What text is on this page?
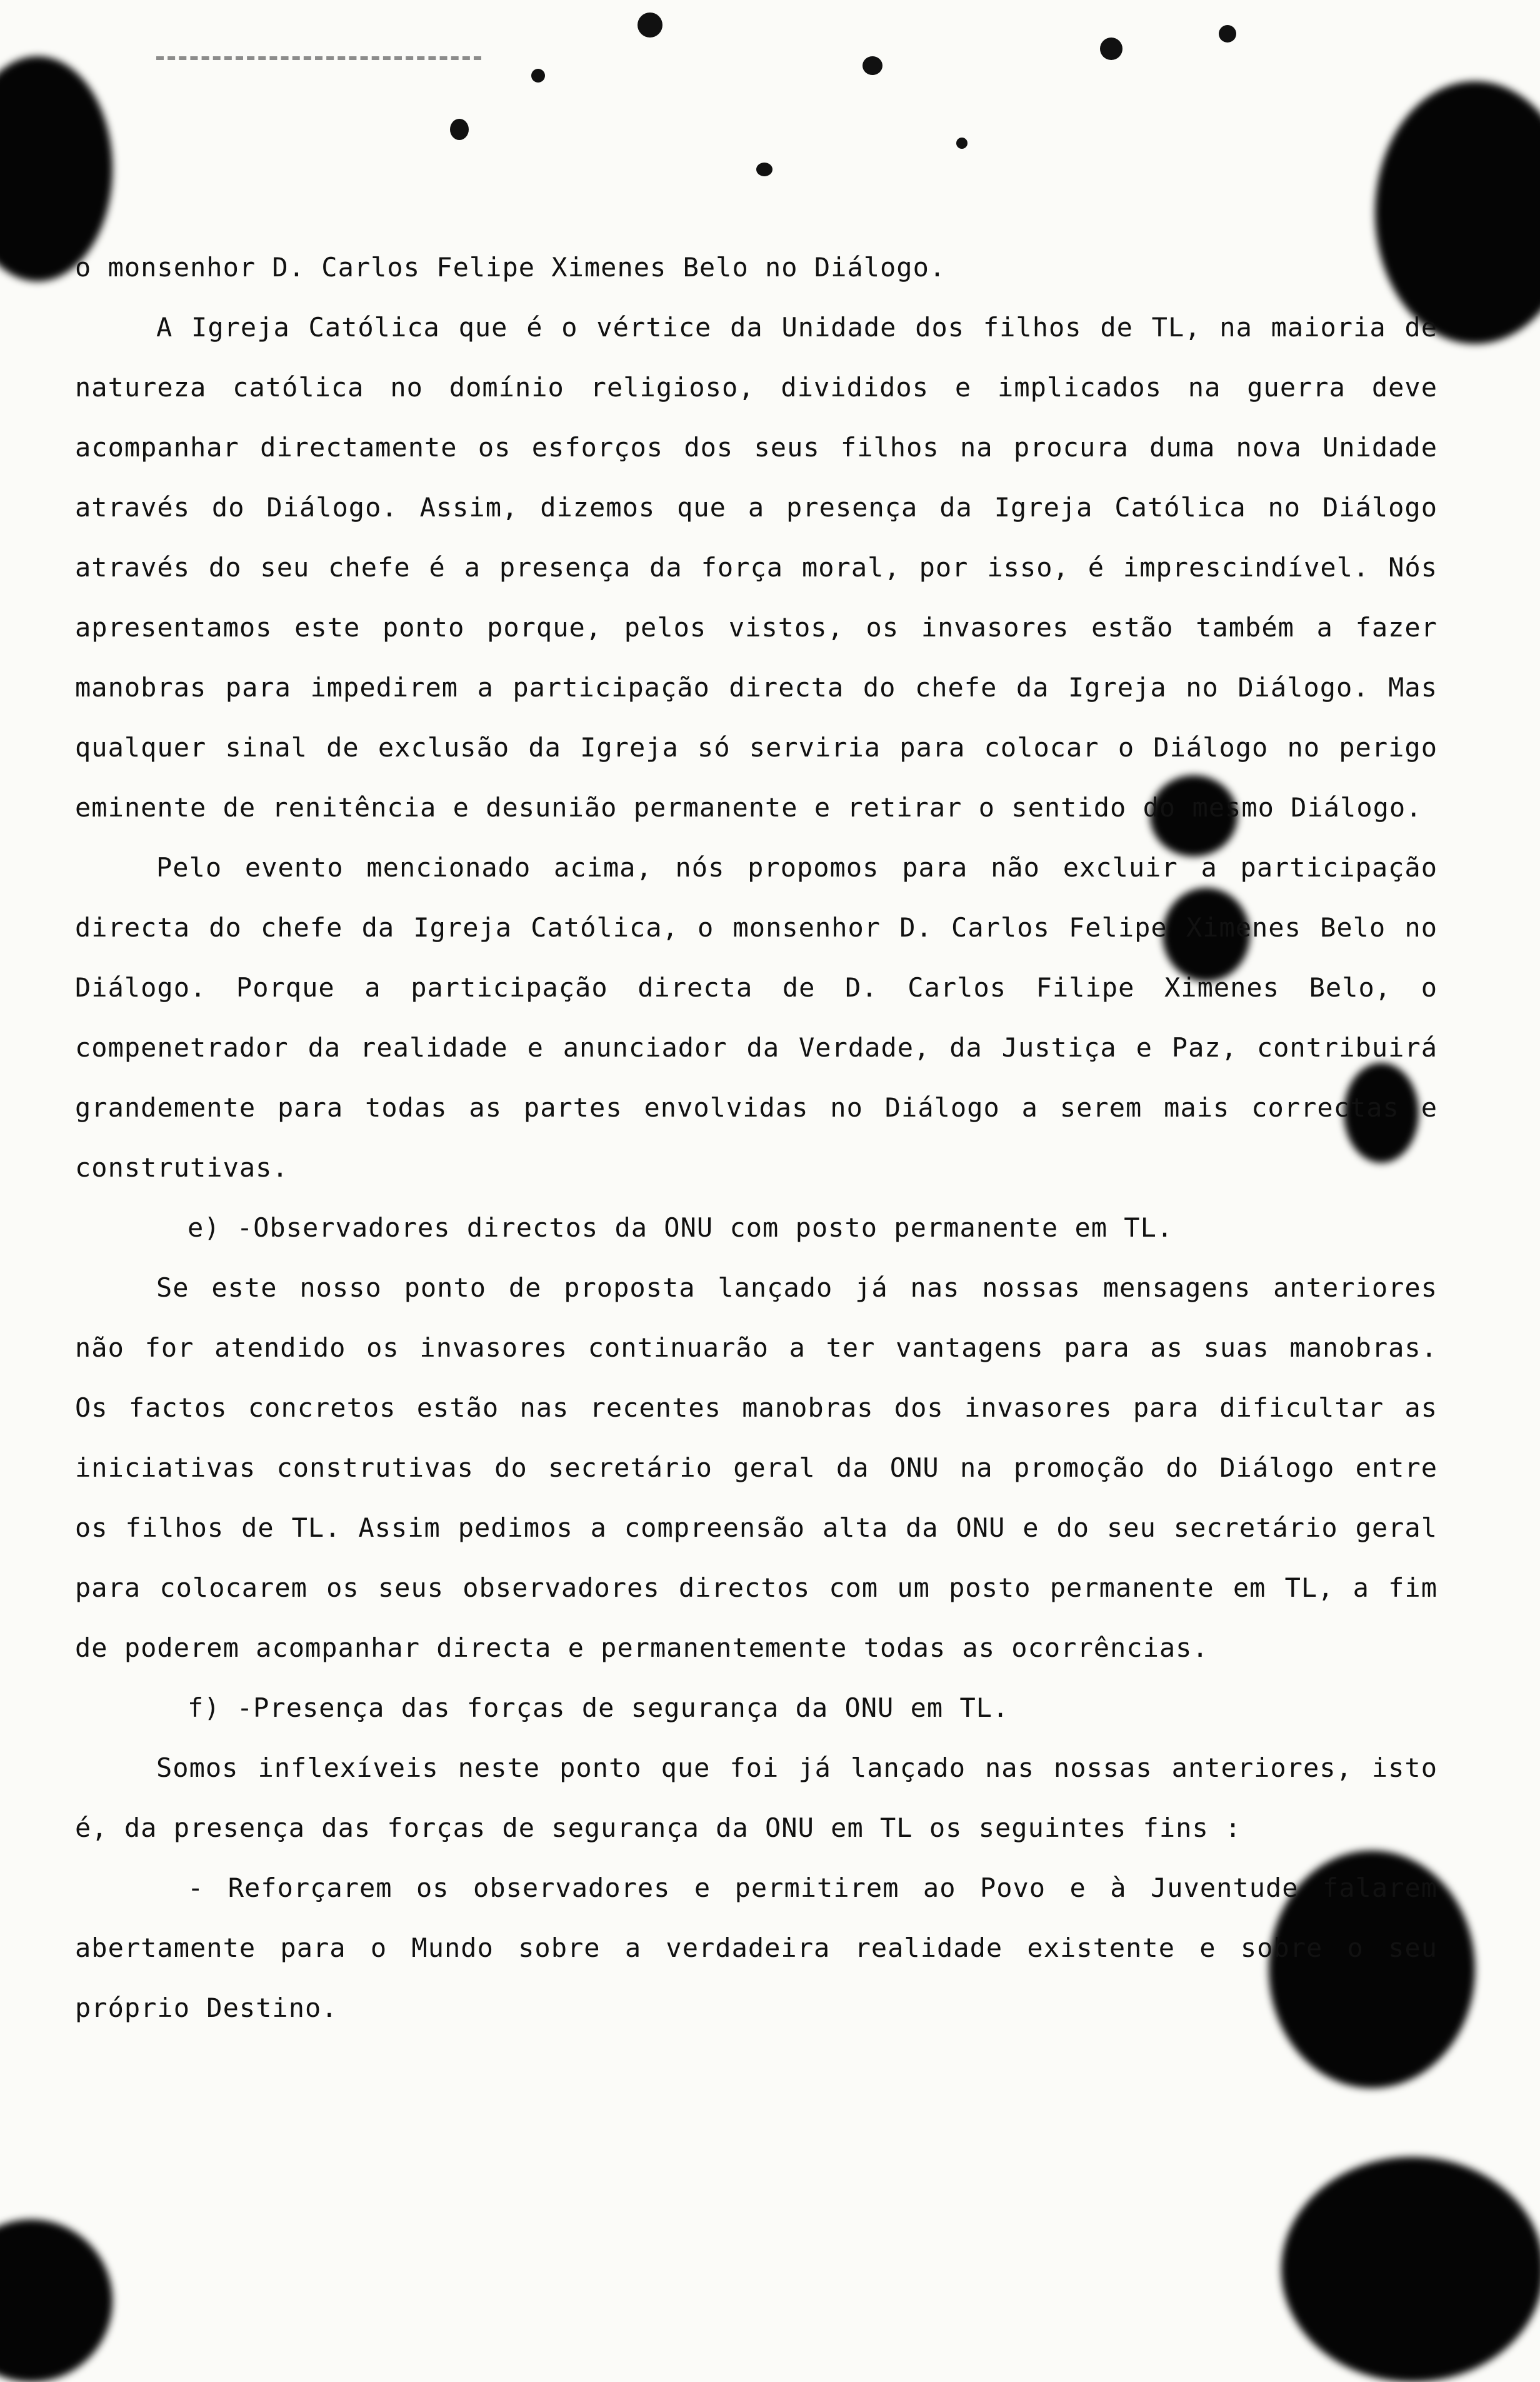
o monsenhor D. Carlos Felipe Ximenes Belo no Diálogo.

A Igreja Católica que é o vértice da Unidade dos filhos de TL, na maioria de natureza católica no domínio religioso, divididos e implicados na guerra deve acompanhar directamente os esforços dos seus filhos na procura duma nova Unidade através do Diálogo. Assim, dizemos que a presença da Igreja Católica no Diálogo através do seu chefe é a presença da força moral, por isso, é imprescindível. Nós apresentamos este ponto porque, pelos vistos, os invasores estão também a fazer manobras para impedirem a participação directa do chefe da Igreja no Diálogo. Mas qualquer sinal de exclusão da Igreja só serviria para colocar o Diálogo no perigo eminente de renitência e desunião permanente e retirar o sentido do mesmo Diálogo.

Pelo evento mencionado acima, nós propomos para não excluir a participação directa do chefe da Igreja Católica, o monsenhor D. Carlos Felipe Ximenes Belo no Diálogo. Porque a participação directa de D. Carlos Filipe Ximenes Belo, o compenetrador da realidade e anunciador da Verdade, da Justiça e Paz, contribuirá grandemente para todas as partes envolvidas no Diálogo a serem mais correctas e construtivas.

e) -Observadores directos da ONU com posto permanente em TL.

Se este nosso ponto de proposta lançado já nas nossas mensagens anteriores não for atendido os invasores continuarão a ter vantagens para as suas manobras. Os factos concretos estão nas recentes manobras dos invasores para dificultar as iniciativas construtivas do secretário geral da ONU na promoção do Diálogo entre os filhos de TL. Assim pedimos a compreensão alta da ONU e do seu secretário geral para colocarem os seus observadores directos com um posto permanente em TL, a fim de poderem acompanhar directa e permanentemente todas as ocorrências.

f) -Presença das forças de segurança da ONU em TL.

Somos inflexíveis neste ponto que foi já lançado nas nossas anteriores, isto é, da presença das forças de segurança da ONU em TL os seguintes fins :

- Reforçarem os observadores e permitirem ao Povo e à Juventude falarem abertamente para o Mundo sobre a verdadeira realidade existente e sobre o seu próprio Destino.
